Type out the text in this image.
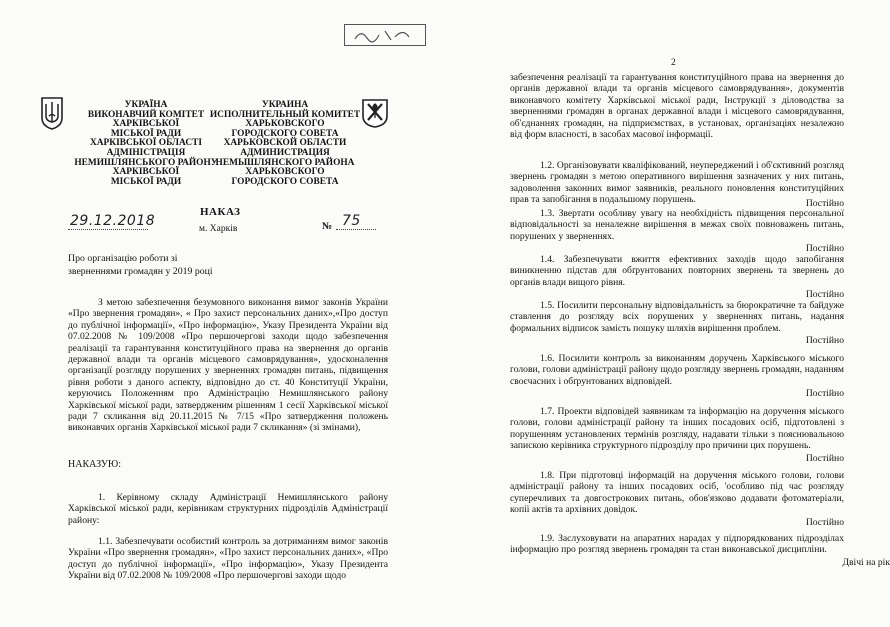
УКРАЇНА
ВИКОНАВЧИЙ КОМІТЕТ
ХАРКІВСЬКОЇ
МІСЬКОЇ РАДИ
ХАРКІВСЬКОЇ ОБЛАСТІ
АДМІНІСТРАЦІЯ
НЕМИШЛЯНСЬКОГО РАЙОНУ
ХАРКІВСЬКОЇ
МІСЬКОЇ РАДИ
УКРАИНА
ИСПОЛНИТЕЛЬНЫЙ КОМИТЕТ
ХАРЬКОВСКОГО
ГОРОДСКОГО СОВЕТА
ХАРЬКОВСКОЙ ОБЛАСТИ
АДМИНИСТРАЦИЯ
НЕМЫШЛЯНСКОГО РАЙОНА
ХАРЬКОВСКОГО
ГОРОДСКОГО СОВЕТА
НАКАЗ
29.12.2018	м. Харків	№ 75
Про організацію роботи зі
зверненнями громадян у 2019 році

З метою забезпечення безумовного виконання вимог законів України «Про звернення громадян», « Про захист персональних даних»,«Про доступ до публічної інформації», «Про інформацію», Указу Президента України від 07.02.2008 № 109/2008 «Про першочергові заходи щодо забезпечення реалізації та гарантування конституційного права на звернення до органів державної влади та органів місцевого самоврядування», удосконалення організації розгляду порушених у зверненнях громадян питань, підвищення рівня роботи з даного аспекту, відповідно до ст. 40 Конституції України, керуючись Положенням про Адміністрацію Немишлянського району Харківської міської ради, затвердженим рішенням 1 сесії Харківської міської ради 7 скликання від 20.11.2015 № 7/15 «Про затвердження положень виконавчих органів Харківської міської ради 7 скликання» (зі змінами),

НАКАЗУЮ:

1. Керівному складу Адміністрації Немишлянського району Харківської міської ради, керівникам структурних підрозділів Адміністрації району:

1.1. Забезпечувати особистий контроль за дотриманням вимог законів України «Про звернення громадян», «Про захист персональних даних», «Про доступ до публічної інформації», «Про інформацію», Указу Президента України від 07.02.2008 № 109/2008 «Про першочергові заходи щодо

2

забезпечення реалізації та гарантування конституційного права на звернення до органів державної влади та органів місцевого самоврядування», документів виконавчого комітету Харківської міської ради, Інструкції з діловодства за зверненнями громадян в органах державної влади і місцевого самоврядування, об'єднаннях громадян, на підприємствах, в установах, організаціях незалежно від форм власності, в засобах масової інформації.

1.2. Організовувати кваліфікований, неупереджений і об'єктивний розгляд звернень громадян з метою оперативного вирішення зазначених у них питань, задоволення законних вимог заявників, реального поновлення конституційних прав та запобігання в подальшому порушень.	Постійно
Постійно

1.3. Звертати особливу увагу на необхідність підвищення персональної відповідальності за неналежне вирішення в межах своїх повноважень питань, порушених у зверненнях.

Постійно

1.4. Забезпечувати вжиття ефективних заходів щодо запобігання виникненню підстав для обґрунтованих повторних звернень та звернень до органів влади вищого рівня.

Постійно

1.5. Посилити персональну відповідальність за бюрократичне та байдуже ставлення до розгляду всіх порушених у зверненнях питань, надання формальних відписок замість пошуку шляхів вирішення проблем.

Постійно

1.6. Посилити контроль за виконанням доручень Харківського міського голови, голови адміністрації району щодо розгляду звернень громадян, наданням своєчасних і обґрунтованих відповідей.

Постійно

1.7. Проекти відповідей заявникам та інформацію на доручення міського голови, голови адміністрації району та інших посадових осіб, підготовлені з порушенням установлених термінів розгляду, надавати тільки з пояснювальною запискою керівника структурного підрозділу про причини цих порушень.

Постійно

1.8. При підготовці інформацій на доручення міського голови, голови адміністрації району та інших посадових осіб, 'особливо під час розгляду суперечливих та довгострокових питань, обов'язково додавати фотоматеріали, копії актів та архівних довідок.

1.9. Заслуховувати на апаратних нарадах у підпорядкованих підрозділах інформацію про розгляд звернень громадян та стан виконавської дисципліни.

Двічі на рік
